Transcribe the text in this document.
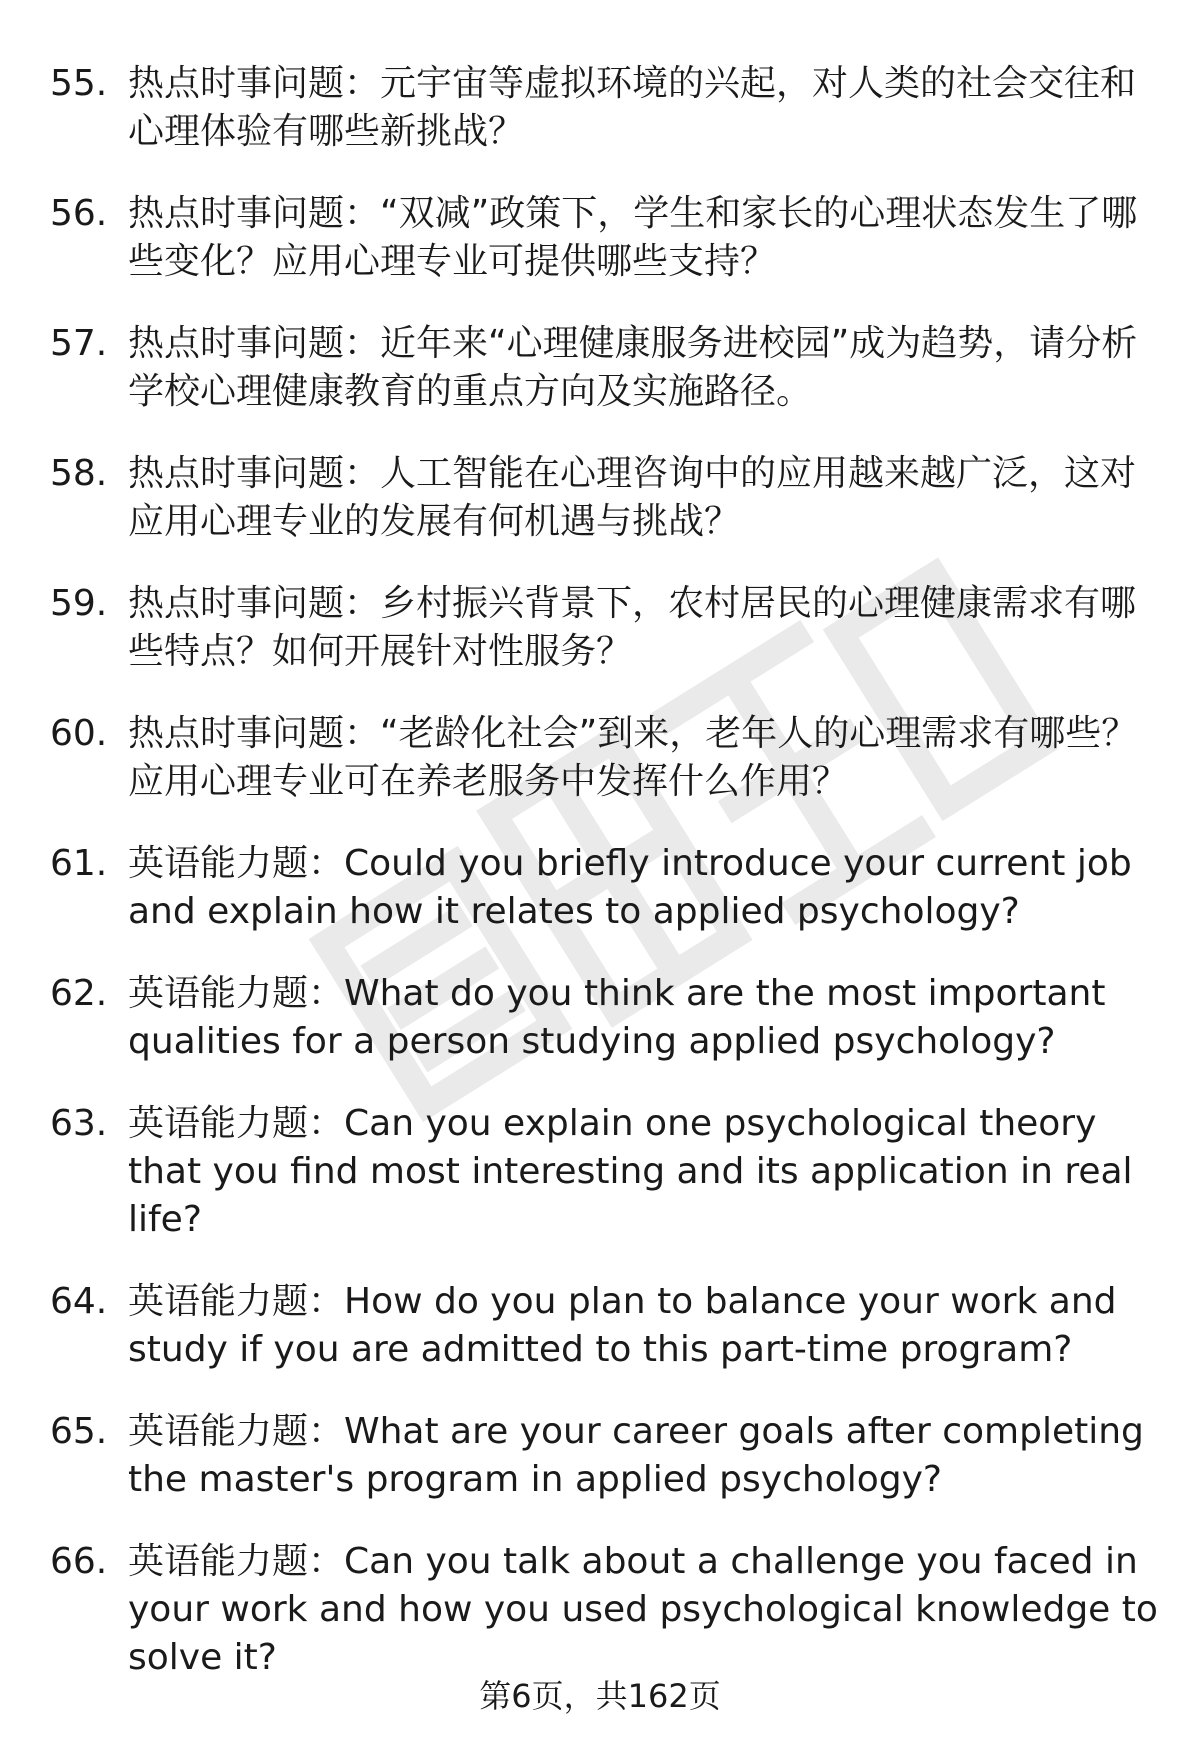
55. 热点时事问题：元宇宙等虚拟环境的兴起，对人类的社会交往和心理体验有哪些新挑战？
56. 热点时事问题：“双减”政策下，学生和家长的心理状态发生了哪些变化？应用心理专业可提供哪些支持？
57. 热点时事问题：近年来“心理健康服务进校园”成为趋势，请分析学校心理健康教育的重点方向及实施路径。
58. 热点时事问题：人工智能在心理咨询中的应用越来越广泛，这对应用心理专业的发展有何机遇与挑战？
59. 热点时事问题：乡村振兴背景下，农村居民的心理健康需求有哪些特点？如何开展针对性服务？
60. 热点时事问题：“老龄化社会”到来，老年人的心理需求有哪些？应用心理专业可在养老服务中发挥什么作用？
61. 英语能力题：Could you briefly introduce your current job and explain how it relates to applied psychology?
62. 英语能力题：What do you think are the most important qualities for a person studying applied psychology?
63. 英语能力题：Can you explain one psychological theory that you find most interesting and its application in real life?
64. 英语能力题：How do you plan to balance your work and study if you are admitted to this part-time program?
65. 英语能力题：What are your career goals after completing the master's program in applied psychology?
66. 英语能力题：Can you talk about a challenge you faced in your work and how you used psychological knowledge to solve it?
第6页，共162页
